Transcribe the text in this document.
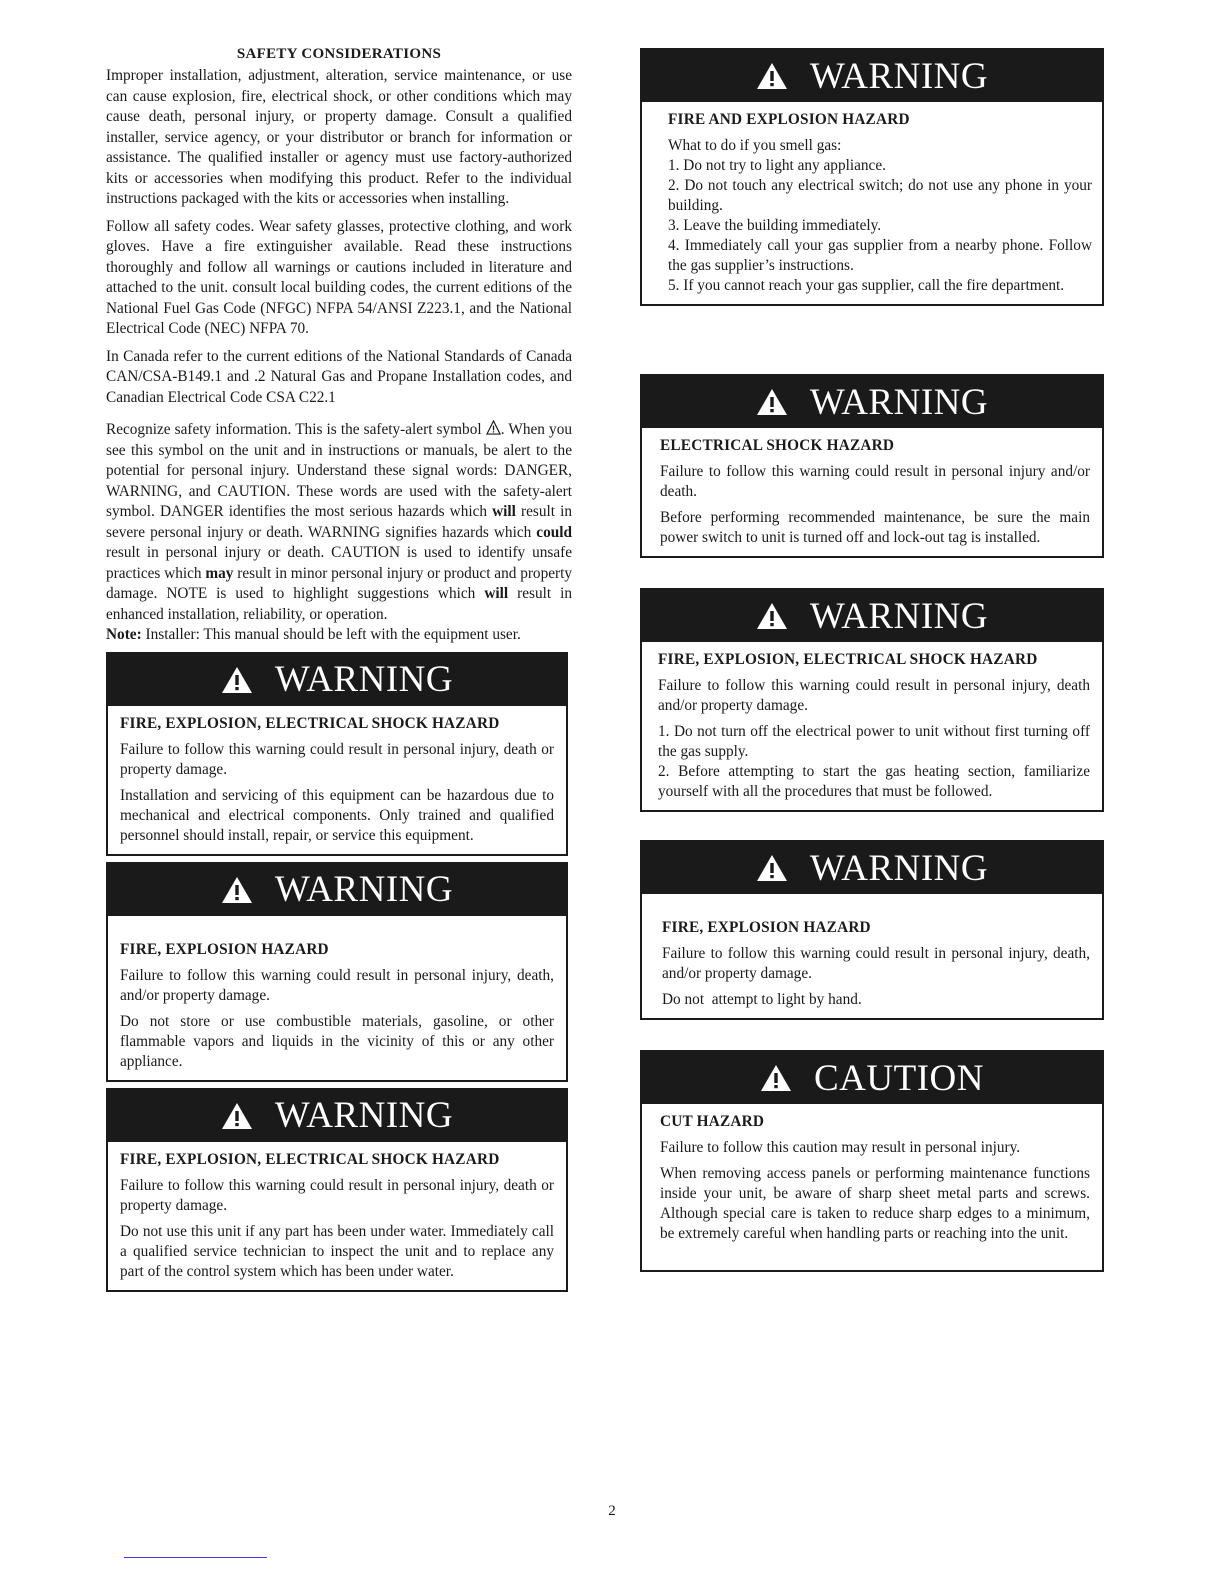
SAFETY CONSIDERATIONS

Improper installation, adjustment, alteration, service maintenance, or use can cause explosion, fire, electrical shock, or other conditions which may cause death, personal injury, or property damage. Consult a qualified installer, service agency, or your distributor or branch for information or assistance. The qualified installer or agency must use factory-authorized kits or accessories when modifying this product. Refer to the individual instructions packaged with the kits or accessories when installing.

Follow all safety codes. Wear safety glasses, protective clothing, and work gloves. Have a fire extinguisher available. Read these instructions thoroughly and follow all warnings or cautions included in literature and attached to the unit. consult local building codes, the current editions of the National Fuel Gas Code (NFGC) NFPA 54/ANSI Z223.1, and the National Electrical Code (NEC) NFPA 70.

In Canada refer to the current editions of the National Standards of Canada CAN/CSA-B149.1 and .2 Natural Gas and Propane Installation codes, and Canadian Electrical Code CSA C22.1

Recognize safety information. This is the safety-alert symbol . When you see this symbol on the unit and in instructions or manuals, be alert to the potential for personal injury. Understand these signal words: DANGER, WARNING, and CAUTION. These words are used with the safety-alert symbol. DANGER identifies the most serious hazards which will result in severe personal injury or death. WARNING signifies hazards which could result in personal injury or death. CAUTION is used to identify unsafe practices which may result in minor personal injury or product and property damage. NOTE is used to highlight suggestions which will result in enhanced installation, reliability, or operation.

Note: Installer: This manual should be left with the equipment user.

WARNING
FIRE, EXPLOSION, ELECTRICAL SHOCK HAZARD

Failure to follow this warning could result in personal injury, death or property damage.

Installation and servicing of this equipment can be hazardous due to mechanical and electrical components. Only trained and qualified personnel should install, repair, or service this equipment.

WARNING
FIRE, EXPLOSION HAZARD

Failure to follow this warning could result in personal injury, death, and/or property damage.

Do not store or use combustible materials, gasoline, or other flammable vapors and liquids in the vicinity of this or any other appliance.

WARNING
FIRE, EXPLOSION, ELECTRICAL SHOCK HAZARD

Failure to follow this warning could result in personal injury, death or property damage.

Do not use this unit if any part has been under water. Immediately call a qualified service technician to inspect the unit and to replace any part of the control system which has been under water.

WARNING
FIRE AND EXPLOSION HAZARD
What to do if you smell gas:
1. Do not try to light any appliance.
2. Do not touch any electrical switch; do not use any phone in your building.
3. Leave the building immediately.
4. Immediately call your gas supplier from a nearby phone. Follow the gas supplier’s instructions.
5. If you cannot reach your gas supplier, call the fire department.
WARNING
ELECTRICAL SHOCK HAZARD

Failure to follow this warning could result in personal injury and/or death.

Before performing recommended maintenance, be sure the main power switch to unit is turned off and lock-out tag is installed.

WARNING
FIRE, EXPLOSION, ELECTRICAL SHOCK HAZARD

Failure to follow this warning could result in personal injury, death and/or property damage.

1. Do not turn off the electrical power to unit without first turning off the gas supply.

2. Before attempting to start the gas heating section, familiarize yourself with all the procedures that must be followed.

WARNING
FIRE, EXPLOSION HAZARD

Failure to follow this warning could result in personal injury, death, and/or property damage.

Do not  attempt to light by hand.

CAUTION
CUT HAZARD

Failure to follow this caution may result in personal injury.

When removing access panels or performing maintenance functions inside your unit, be aware of sharp sheet metal parts and screws. Although special care is taken to reduce sharp edges to a minimum, be extremely careful when handling parts or reaching into the unit.

2
